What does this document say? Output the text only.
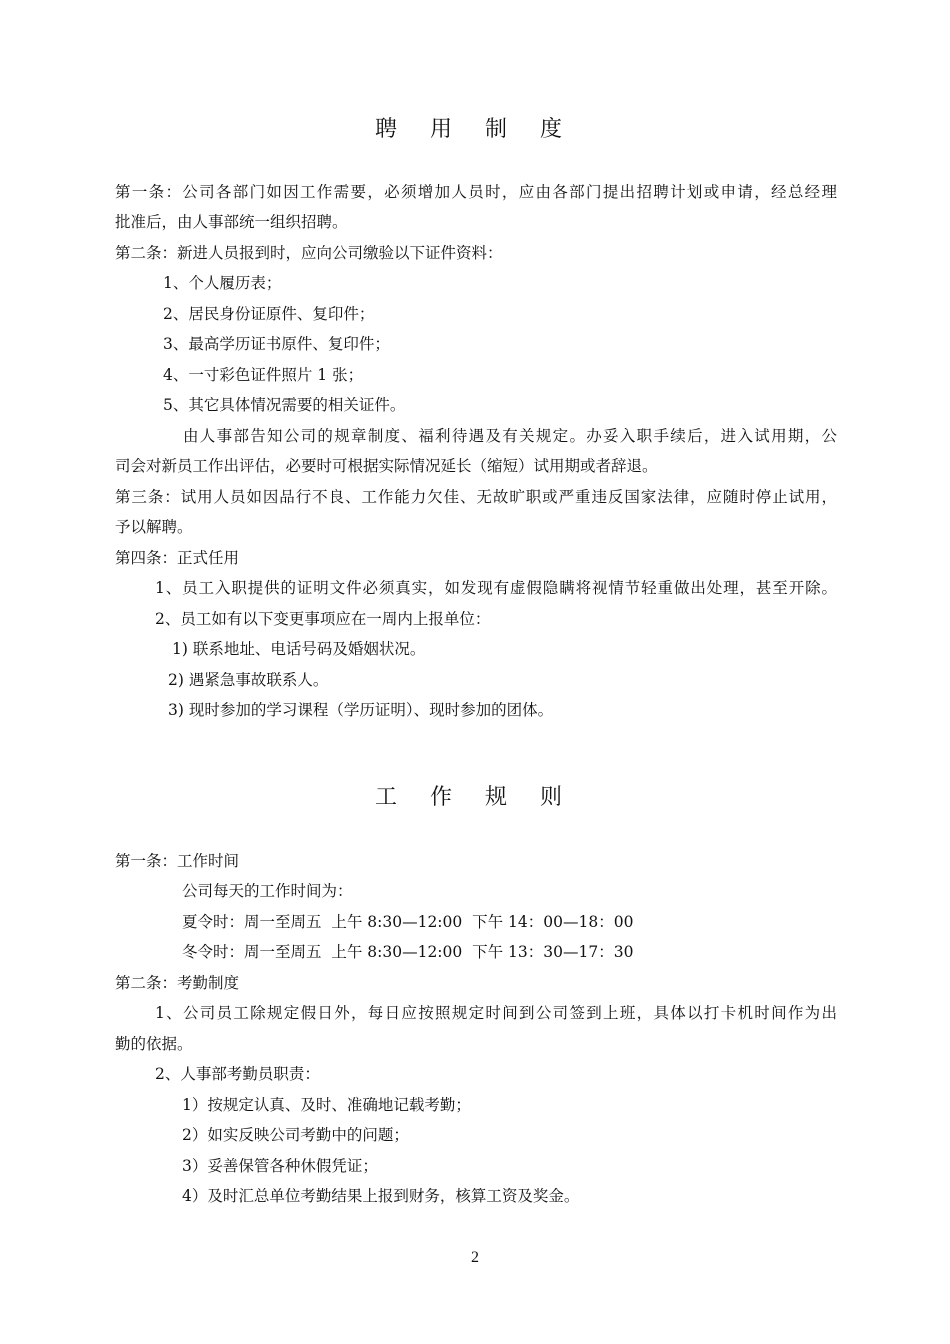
聘 用 制 度
第一条：公司各部门如因工作需要，必须增加人员时，应由各部门提出招聘计划或申请，经总经理
批准后，由人事部统一组织招聘。
第二条：新进人员报到时，应向公司缴验以下证件资料：
1、个人履历表；
2、居民身份证原件、复印件；
3、最高学历证书原件、复印件；
4、一寸彩色证件照片 1 张；
5、其它具体情况需要的相关证件。
由人事部告知公司的规章制度、福利待遇及有关规定。办妥入职手续后，进入试用期，公
司会对新员工作出评估，必要时可根据实际情况延长（缩短）试用期或者辞退。
第三条：试用人员如因品行不良、工作能力欠佳、无故旷职或严重违反国家法律，应随时停止试用，
予以解聘。
第四条：正式任用
1、员工入职提供的证明文件必须真实，如发现有虚假隐瞒将视情节轻重做出处理，甚至开除。
2、员工如有以下变更事项应在一周内上报单位：
1) 联系地址、电话号码及婚姻状况。
2) 遇紧急事故联系人。
3) 现时参加的学习课程（学历证明）、现时参加的团体。
工 作 规 则
第一条：工作时间
公司每天的工作时间为：
夏令时：周一至周五  上午 8:30—12:00  下午 14：00—18：00
冬令时：周一至周五  上午 8:30—12:00  下午 13：30—17：30
第二条：考勤制度
1、公司员工除规定假日外，每日应按照规定时间到公司签到上班，具体以打卡机时间作为出
勤的依据。
2、人事部考勤员职责：
1）按规定认真、及时、准确地记载考勤；
2）如实反映公司考勤中的问题；
3）妥善保管各种休假凭证；
4）及时汇总单位考勤结果上报到财务，核算工资及奖金。
2
